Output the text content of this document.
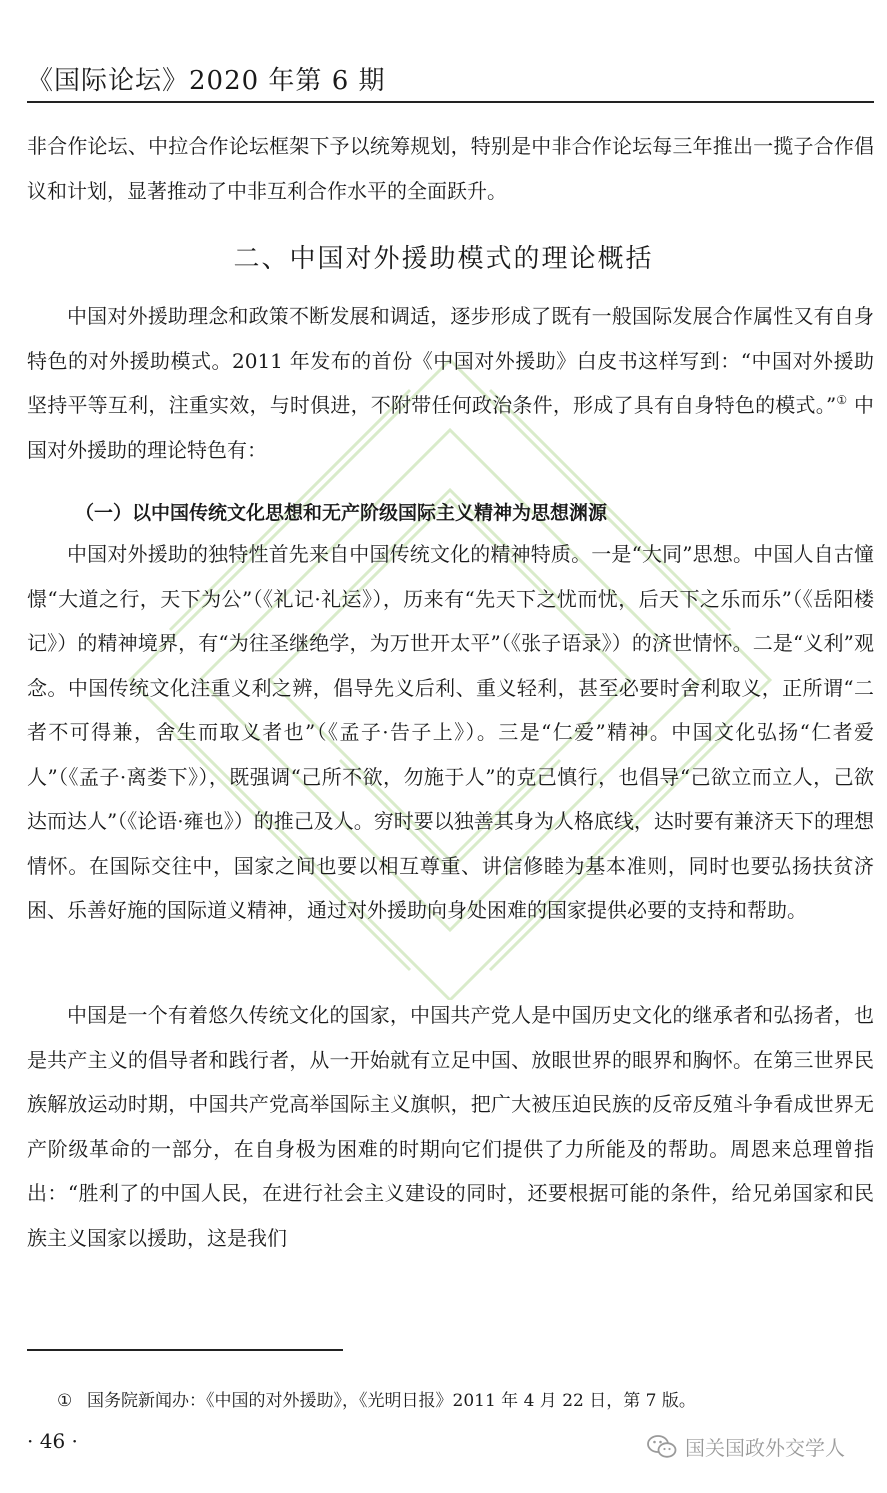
《国际论坛》2020 年第 6 期
非合作论坛、中拉合作论坛框架下予以统筹规划，特别是中非合作论坛每三年推出一揽子合作倡议和计划，显著推动了中非互利合作水平的全面跃升。
二、中国对外援助模式的理论概括
中国对外援助理念和政策不断发展和调适，逐步形成了既有一般国际发展合作属性又有自身特色的对外援助模式。2011 年发布的首份《中国对外援助》白皮书这样写到：“中国对外援助坚持平等互利，注重实效，与时俱进，不附带任何政治条件，形成了具有自身特色的模式。”① 中国对外援助的理论特色有：
（一）以中国传统文化思想和无产阶级国际主义精神为思想渊源
中国对外援助的独特性首先来自中国传统文化的精神特质。一是“大同”思想。中国人自古憧憬“大道之行，天下为公”（《礼记·礼运》），历来有“先天下之忧而忧，后天下之乐而乐”（《岳阳楼记》）的精神境界，有“为往圣继绝学，为万世开太平”（《张子语录》）的济世情怀。二是“义利”观念。中国传统文化注重义利之辨，倡导先义后利、重义轻利，甚至必要时舍利取义，正所谓“二者不可得兼，舍生而取义者也”（《孟子·告子上》）。三是“仁爱”精神。中国文化弘扬“仁者爱人”（《孟子·离娄下》），既强调“己所不欲，勿施于人”的克己慎行，也倡导“己欲立而立人，己欲达而达人”（《论语·雍也》）的推己及人。穷时要以独善其身为人格底线，达时要有兼济天下的理想情怀。在国际交往中，国家之间也要以相互尊重、讲信修睦为基本准则，同时也要弘扬扶贫济困、乐善好施的国际道义精神，通过对外援助向身处困难的国家提供必要的支持和帮助。
中国是一个有着悠久传统文化的国家，中国共产党人是中国历史文化的继承者和弘扬者，也是共产主义的倡导者和践行者，从一开始就有立足中国、放眼世界的眼界和胸怀。在第三世界民族解放运动时期，中国共产党高举国际主义旗帜，把广大被压迫民族的反帝反殖斗争看成世界无产阶级革命的一部分，在自身极为困难的时期向它们提供了力所能及的帮助。周恩来总理曾指出：“胜利了的中国人民，在进行社会主义建设的同时，还要根据可能的条件，给兄弟国家和民族主义国家以援助，这是我们
① 国务院新闻办：《中国的对外援助》，《光明日报》2011 年 4 月 22 日，第 7 版。
· 46 ·	国关国政外交学人
